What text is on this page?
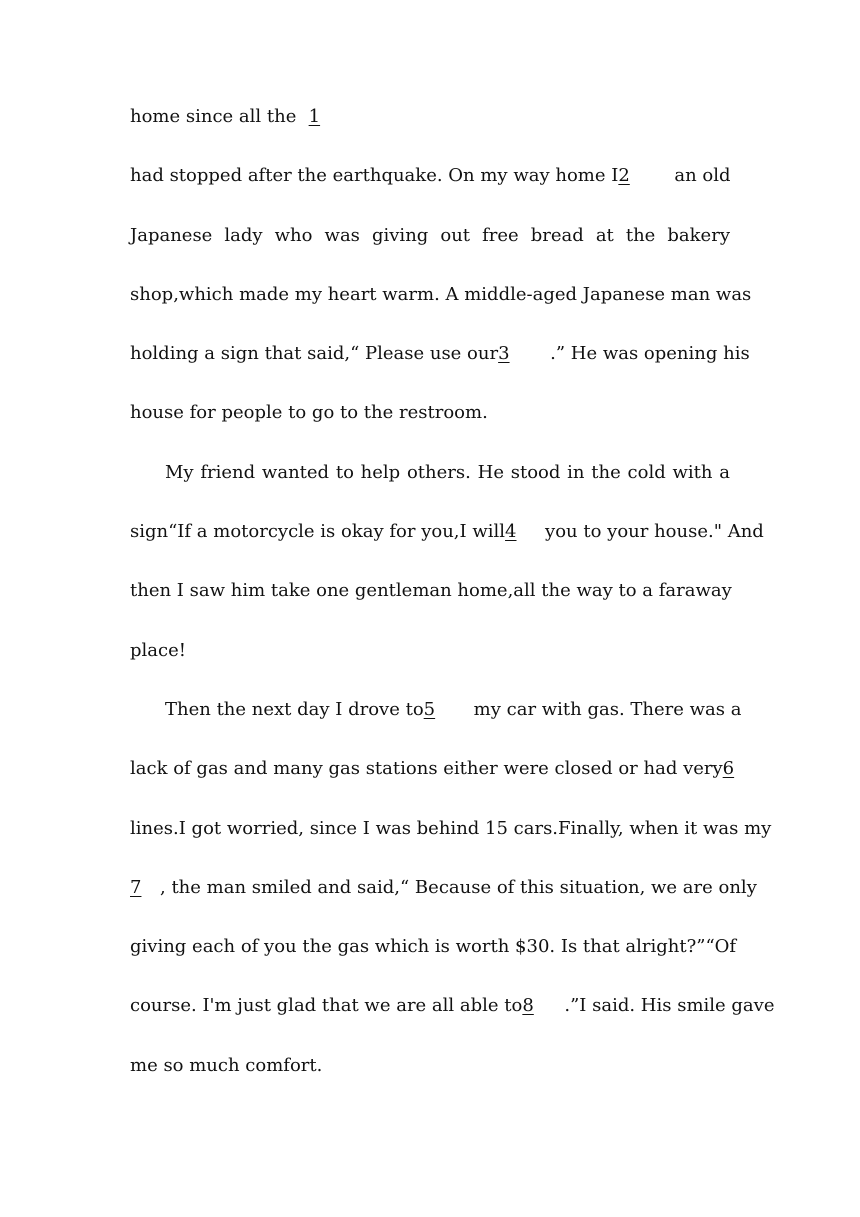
home since all the 1
had stopped after the earthquake. On my way home I2 an old
Japanese lady who was giving out free bread at the bakery
shop,which made my heart warm. A middle-aged Japanese man was
holding a sign that said,“ Please use our3 .” He was opening his
house for people to go to the restroom.
My friend wanted to help others. He stood in the cold with a
sign“If a motorcycle is okay for you,I will4 you to your house." And
then I saw him take one gentleman home,all the way to a faraway
place!
Then the next day I drove to5 my car with gas. There was a
lack of gas and many gas stations either were closed or had very6
lines.I got worried, since I was behind 15 cars.Finally, when it was my
7 , the man smiled and said,“ Because of this situation, we are only
giving each of you the gas which is worth $30. Is that alright?”“Of
course. I'm just glad that we are all able to8 .”I said. His smile gave
me so much comfort.
